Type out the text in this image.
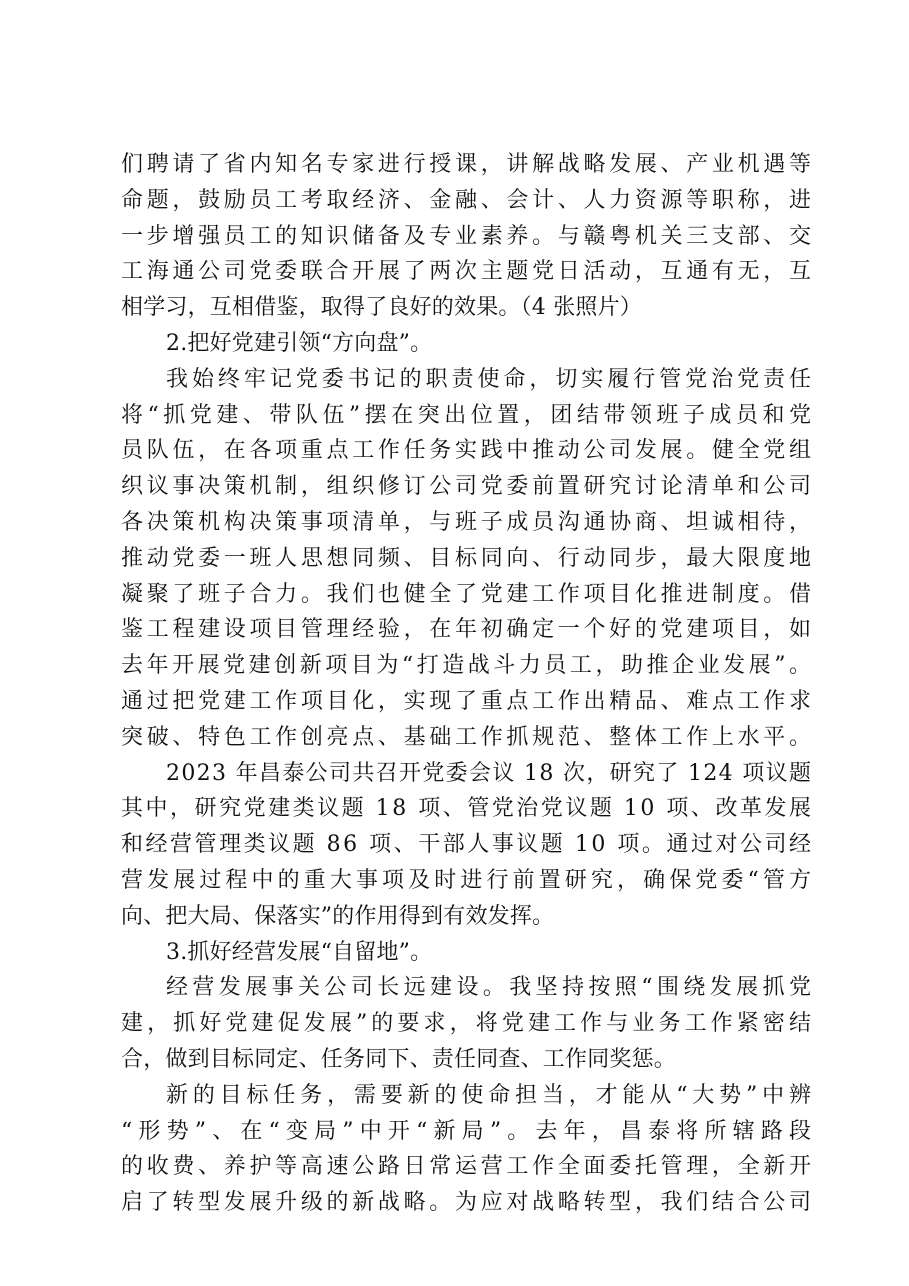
们聘请了省内知名专家进行授课，讲解战略发展、产业机遇等
命题，鼓励员工考取经济、金融、会计、人力资源等职称，进
一步增强员工的知识储备及专业素养。与赣粤机关三支部、交
工海通公司党委联合开展了两次主题党日活动，互通有无，互
相学习，互相借鉴，取得了良好的效果。（4 张照片）
2.把好党建引领“方向盘”。
我始终牢记党委书记的职责使命，切实履行管党治党责任
将“抓党建、带队伍”摆在突出位置，团结带领班子成员和党
员队伍，在各项重点工作任务实践中推动公司发展。健全党组
织议事决策机制，组织修订公司党委前置研究讨论清单和公司
各决策机构决策事项清单，与班子成员沟通协商、坦诚相待，
推动党委一班人思想同频、目标同向、行动同步，最大限度地
凝聚了班子合力。我们也健全了党建工作项目化推进制度。借
鉴工程建设项目管理经验，在年初确定一个好的党建项目，如
去年开展党建创新项目为“打造战斗力员工，助推企业发展”。
通过把党建工作项目化，实现了重点工作出精品、难点工作求
突破、特色工作创亮点、基础工作抓规范、整体工作上水平。
2023 年昌泰公司共召开党委会议 18 次，研究了 124 项议题
其中，研究党建类议题 18 项、管党治党议题 10 项、改革发展
和经营管理类议题 86 项、干部人事议题 10 项。通过对公司经
营发展过程中的重大事项及时进行前置研究，确保党委“管方
向、把大局、保落实”的作用得到有效发挥。
3.抓好经营发展“自留地”。
经营发展事关公司长远建设。我坚持按照“围绕发展抓党
建，抓好党建促发展”的要求，将党建工作与业务工作紧密结
合，做到目标同定、任务同下、责任同查、工作同奖惩。
新的目标任务，需要新的使命担当，才能从“大势”中辨
“形势”、在“变局”中开“新局”。去年，昌泰将所辖路段
的收费、养护等高速公路日常运营工作全面委托管理，全新开
启了转型发展升级的新战略。为应对战略转型，我们结合公司
